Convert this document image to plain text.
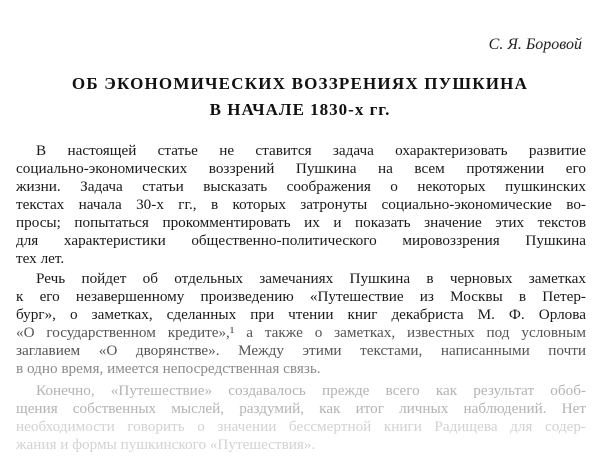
С. Я. Боровой
ОБ ЭКОНОМИЧЕСКИХ ВОЗЗРЕНИЯХ ПУШКИНА
В НАЧАЛЕ 1830-х гг.
В настоящей статье не ставится задача охарактеризовать развитие
социально-экономических воззрений Пушкина на всем протяжении его
жизни. Задача статьи высказать соображения о некоторых пушкинских
текстах начала 30-х гг., в которых затронуты социально-экономические во-
просы; попытаться прокомментировать их и показать значение этих текстов
для характеристики общественно-политического мировоззрения Пушкина
тех лет.
Речь пойдет об отдельных замечаниях Пушкина в черновых заметках
к его незавершенному произведению «Путешествие из Москвы в Петер-
бург», о заметках, сделанных при чтении книг декабриста М. Ф. Орлова
«О государственном кредите»,¹ а также о заметках, известных под условным
заглавием «О дворянстве». Между этими текстами, написанными почти
в одно время, имеется непосредственная связь.
Конечно, «Путешествие» создавалось прежде всего как результат обоб-
щения собственных мыслей, раздумий, как итог личных наблюдений. Нет
необходимости говорить о значении бессмертной книги Радищева для содер-
жания и формы пушкинского «Путешествия».
